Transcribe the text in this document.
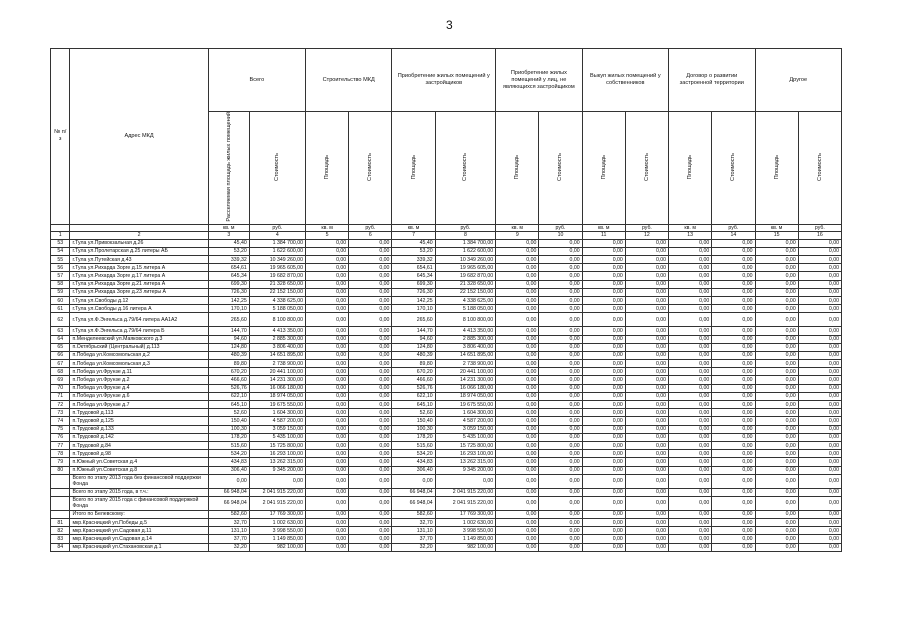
3
№ п/з	Адрес МКД	Всего		Строительство МКД		Приобретение жилых помещений у застройщиков		Приобретение жилых помещений у лиц, не являющихся застройщиком		Выкуп жилых помещений у собственников		Договор о развитии застроенной территории		Другое	
		Расселяемая площадь жилых помещений	Стоимость	Площадь	Стоимость	Площадь	Стоимость	Площадь	Стоимость	Площадь	Стоимость	Площадь	Стоимость	Площадь	Стоимость
		кв. м	руб.	кв. м	руб.	кв. м	руб.	кв. м	руб.	кв. м	руб.	кв. м	руб.	кв. м	руб.
1	2	3	4	5	6	7	8	9	10	11	12	13	14	15	16
53	г.Тула ул.Привокзальная д.26	45,40	1 384 700,00	0,00	0,00	45,40	1 384 700,00	0,00	0,00	0,00	0,00	0,00	0,00	0,00	0,00
54	г.Тула ул.Пролетарская д.25 литеры АБ	53,20	1 622 600,00	0,00	0,00	53,20	1 622 600,00	0,00	0,00	0,00	0,00	0,00	0,00	0,00	0,00
55	г.Тула ул.Путейская д.43	339,32	10 349 260,00	0,00	0,00	339,32	10 349 260,00	0,00	0,00	0,00	0,00	0,00	0,00	0,00	0,00
56	г.Тула ул.Рихарда Зорге д.15 литера А	654,61	19 965 605,00	0,00	0,00	654,61	19 965 605,00	0,00	0,00	0,00	0,00	0,00	0,00	0,00	0,00
57	г.Тула ул.Рихарда Зорге д.17 литера А	645,34	19 682 870,00	0,00	0,00	645,34	19 682 870,00	0,00	0,00	0,00	0,00	0,00	0,00	0,00	0,00
58	г.Тула ул.Рихарда Зорге д.21 литера А	699,30	21 328 650,00	0,00	0,00	699,30	21 328 650,00	0,00	0,00	0,00	0,00	0,00	0,00	0,00	0,00
59	г.Тула ул.Рихарда Зорге д.23 литеры А	726,30	22 152 150,00	0,00	0,00	726,30	22 152 150,00	0,00	0,00	0,00	0,00	0,00	0,00	0,00	0,00
60	г.Тула ул.Свободы д.12	142,25	4 338 625,00	0,00	0,00	142,25	4 338 625,00	0,00	0,00	0,00	0,00	0,00	0,00	0,00	0,00
61	г.Тула ул.Свободы д.16 литера А	170,10	5 188 050,00	0,00	0,00	170,10	5 188 050,00	0,00	0,00	0,00	0,00	0,00	0,00	0,00	0,00
62	г.Тула ул.Ф.Энгельса д.79/64 литера АА1А2	265,60	8 100 800,00	0,00	0,00	265,60	8 100 800,00	0,00	0,00	0,00	0,00	0,00	0,00	0,00	0,00
63	г.Тула ул.Ф.Энгельса д.79/64 литера Б	144,70	4 413 350,00	0,00	0,00	144,70	4 413 350,00	0,00	0,00	0,00	0,00	0,00	0,00	0,00	0,00
64	п.Менделеевский ул.Маяковского д.3	94,60	2 885 300,00	0,00	0,00	94,60	2 885 300,00	0,00	0,00	0,00	0,00	0,00	0,00	0,00	0,00
65	п.Октябрьский (Центральный) д.113	124,80	3 806 400,00	0,00	0,00	124,80	3 806 400,00	0,00	0,00	0,00	0,00	0,00	0,00	0,00	0,00
66	п.Победа ул.Комсомольская д.2	480,39	14 651 895,00	0,00	0,00	480,39	14 651 895,00	0,00	0,00	0,00	0,00	0,00	0,00	0,00	0,00
67	п.Победа ул.Комсомольская д.3	89,80	2 738 900,00	0,00	0,00	89,80	2 738 900,00	0,00	0,00	0,00	0,00	0,00	0,00	0,00	0,00
68	п.Победа ул.Фрунзе д.11	670,20	20 441 100,00	0,00	0,00	670,20	20 441 100,00	0,00	0,00	0,00	0,00	0,00	0,00	0,00	0,00
69	п.Победа ул.Фрунзе д.2	466,60	14 231 300,00	0,00	0,00	466,60	14 231 300,00	0,00	0,00	0,00	0,00	0,00	0,00	0,00	0,00
70	п.Победа ул.Фрунзе д.4	526,76	16 066 180,00	0,00	0,00	526,76	16 066 180,00	0,00	0,00	0,00	0,00	0,00	0,00	0,00	0,00
71	п.Победа ул.Фрунзе д.6	622,10	18 974 050,00	0,00	0,00	622,10	18 974 050,00	0,00	0,00	0,00	0,00	0,00	0,00	0,00	0,00
72	п.Победа ул.Фрунзе д.7	645,10	19 675 550,00	0,00	0,00	645,10	19 675 550,00	0,00	0,00	0,00	0,00	0,00	0,00	0,00	0,00
73	п.Трудовой д.113	52,60	1 604 300,00	0,00	0,00	52,60	1 604 300,00	0,00	0,00	0,00	0,00	0,00	0,00	0,00	0,00
74	п.Трудовой д.125	150,40	4 587 200,00	0,00	0,00	150,40	4 587 200,00	0,00	0,00	0,00	0,00	0,00	0,00	0,00	0,00
75	п.Трудовой д.133	100,30	3 059 150,00	0,00	0,00	100,30	3 059 150,00	0,00	0,00	0,00	0,00	0,00	0,00	0,00	0,00
76	п.Трудовой д.142	178,20	5 435 100,00	0,00	0,00	178,20	5 435 100,00	0,00	0,00	0,00	0,00	0,00	0,00	0,00	0,00
77	п.Трудовой д.84	515,60	15 725 800,00	0,00	0,00	515,60	15 725 800,00	0,00	0,00	0,00	0,00	0,00	0,00	0,00	0,00
78	п.Трудовой д.98	534,20	16 293 100,00	0,00	0,00	534,20	16 293 100,00	0,00	0,00	0,00	0,00	0,00	0,00	0,00	0,00
79	п.Южный ул.Советская д.4	434,83	13 262 315,00	0,00	0,00	434,83	13 262 315,00	0,00	0,00	0,00	0,00	0,00	0,00	0,00	0,00
80	п.Южный ул.Советская д.8	306,40	9 345 200,00	0,00	0,00	306,40	9 345 200,00	0,00	0,00	0,00	0,00	0,00	0,00	0,00	0,00
	Всего по этапу 2013 года без финансовой поддержки Фонда	0,00	0,00	0,00	0,00	0,00	0,00	0,00	0,00	0,00	0,00	0,00	0,00	0,00	0,00
	Всего по этапу 2015 года, в т.ч.:	66 948,04	2 041 915 220,00	0,00	0,00	66 948,04	2 041 915 220,00	0,00	0,00	0,00	0,00	0,00	0,00	0,00	0,00
	Всего по этапу 2015 года с финансовой поддержкой Фонда	66 948,04	2 041 915 220,00	0,00	0,00	66 948,04	2 041 915 220,00	0,00	0,00	0,00	0,00	0,00	0,00	0,00	0,00
	Итого по Белевскому:	582,60	17 769 300,00	0,00	0,00	582,60	17 769 300,00	0,00	0,00	0,00	0,00	0,00	0,00	0,00	0,00
81	мкр.Красницкий ул.Победы д.5	32,70	1 002 630,00	0,00	0,00	32,70	1 002 630,00	0,00	0,00	0,00	0,00	0,00	0,00	0,00	0,00
82	мкр.Красницкий ул.Садовая д.11	131,10	3 998 550,00	0,00	0,00	131,10	3 998 550,00	0,00	0,00	0,00	0,00	0,00	0,00	0,00	0,00
83	мкр.Красницкий ул.Садовая д.14	37,70	1 149 850,00	0,00	0,00	37,70	1 149 850,00	0,00	0,00	0,00	0,00	0,00	0,00	0,00	0,00
84	мкр.Красницкий ул.Стахановская д.1	32,20	982 100,00	0,00	0,00	32,20	982 100,00	0,00	0,00	0,00	0,00	0,00	0,00	0,00	0,00
